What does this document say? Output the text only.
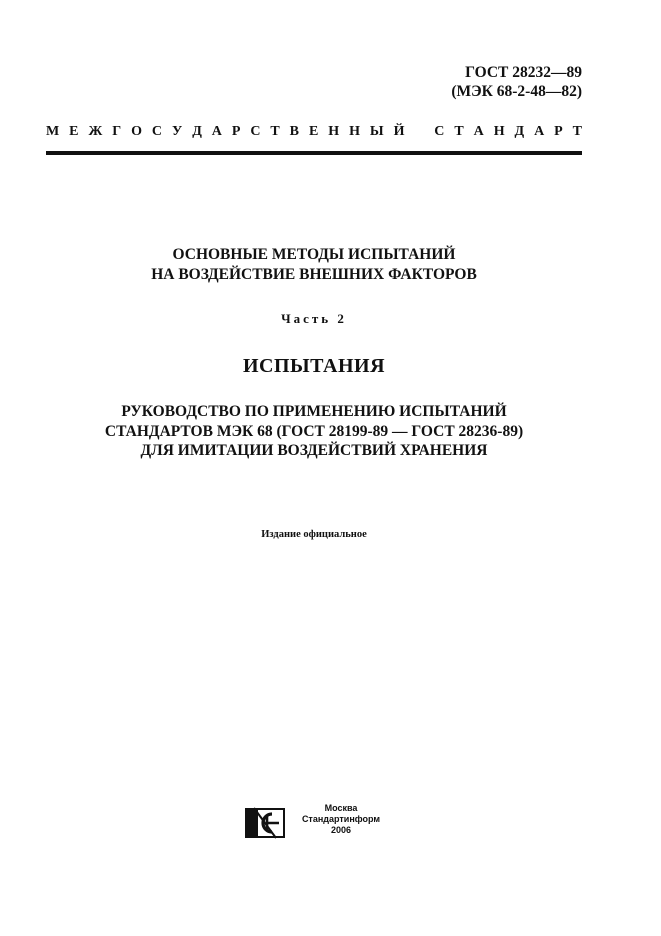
ГОСТ 28232—89
(МЭК 68-2-48—82)
М Е Ж Г О С У Д А Р С Т В Е Н Н Ы Й С Т А Н Д А Р Т
ОСНОВНЫЕ МЕТОДЫ ИСПЫТАНИЙ
НА ВОЗДЕЙСТВИЕ ВНЕШНИХ ФАКТОРОВ
Часть 2
ИСПЫТАНИЯ
РУКОВОДСТВО ПО ПРИМЕНЕНИЮ ИСПЫТАНИЙ
СТАНДАРТОВ МЭК 68 (ГОСТ 28199-89 — ГОСТ 28236-89)
ДЛЯ ИМИТАЦИИ ВОЗДЕЙСТВИЙ ХРАНЕНИЯ
Издание официальное
Москва
Стандартинформ
2006
